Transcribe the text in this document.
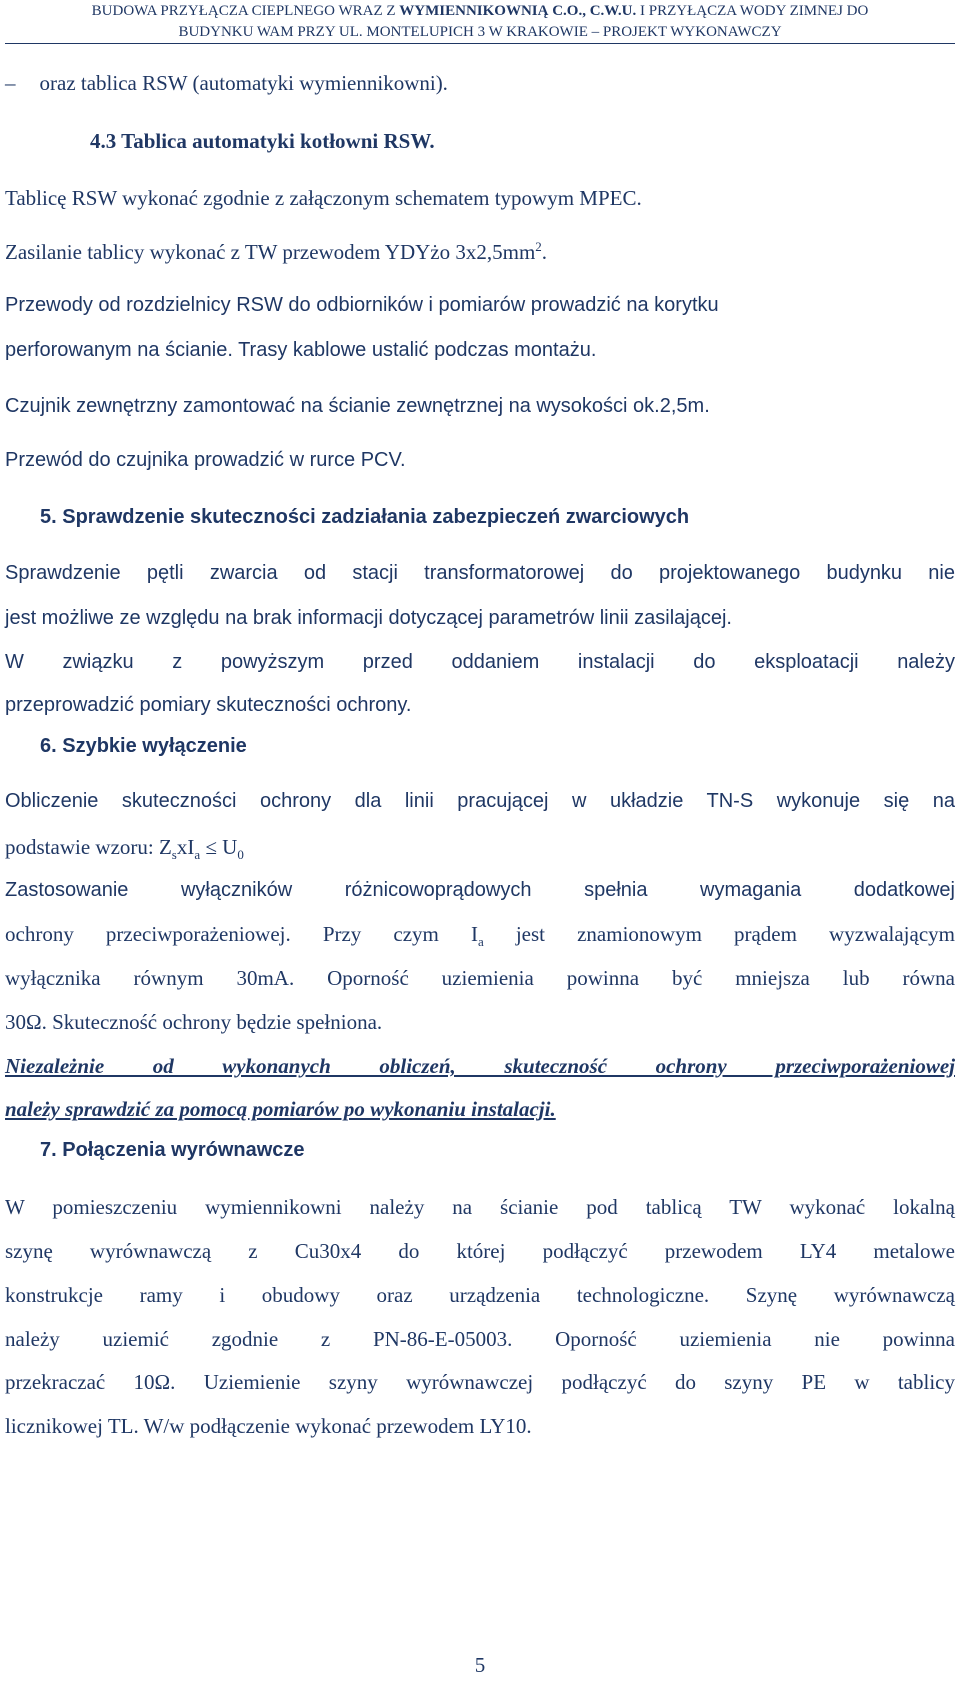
BUDOWA PRZYŁĄCZA CIEPLNEGO WRAZ Z WYMIENNIKOWNIĄ C.O., C.W.U. I PRZYŁĄCZA WODY ZIMNEJ DO
BUDYNKU WAM PRZY UL. MONTELUPICH 3 W KRAKOWIE – PROJEKT WYKONAWCZY
– oraz tablica RSW (automatyki wymiennikowni).
4.3 Tablica automatyki kotłowni RSW.
Tablicę RSW wykonać zgodnie z załączonym schematem typowym MPEC.
Zasilanie tablicy wykonać z TW przewodem YDYżo $3x2,5mm^2$.
Przewody od rozdzielnicy RSW do odbiorników i pomiarów prowadzić na korytku
perforowanym na ścianie. Trasy kablowe ustalić podczas montażu.
Czujnik zewnętrzny zamontować na ścianie zewnętrznej na wysokości ok.2,5m.
Przewód do czujnika prowadzić w rurce PCV.
5. Sprawdzenie skuteczności zadziałania zabezpieczeń zwarciowych
Sprawdzenie pętli zwarcia od stacji transformatorowej do projektowanego budynku nie
jest możliwe ze względu na brak informacji dotyczącej parametrów linii zasilającej.
W związku z powyższym przed oddaniem instalacji do eksploatacji należy
przeprowadzić pomiary skuteczności ochrony.
6. Szybkie wyłączenie
Obliczenie skuteczności ochrony dla linii pracującej w układzie TN-S wykonuje się na
podstawie wzoru: $Z_sxI_a \le U_0$
Zastosowanie wyłączników różnicowoprądowych spełnia wymagania dodatkowej
ochrony przeciwporażeniowej. Przy czym $I_a$ jest znamionowym prądem wyzwalającym
wyłącznika równym 30mA. Oporność uziemienia powinna być mniejsza lub równa
30Ω. Skuteczność ochrony będzie spełniona.
Niezależnie od wykonanych obliczeń, skuteczność ochrony przeciwporażeniowej
należy sprawdzić za pomocą pomiarów po wykonaniu instalacji.
7. Połączenia wyrównawcze
W pomieszczeniu wymiennikowni należy na ścianie pod tablicą TW wykonać lokalną
szynę wyrównawczą z Cu30x4 do której podłączyć przewodem LY4 metalowe
konstrukcje ramy i obudowy oraz urządzenia technologiczne. Szynę wyrównawczą
należy uziemić zgodnie z PN-86-E-05003. Oporność uziemienia nie powinna
przekraczać 10Ω. Uziemienie szyny wyrównawczej podłączyć do szyny PE w tablicy
licznikowej TL. W/w podłączenie wykonać przewodem LY10.
5
